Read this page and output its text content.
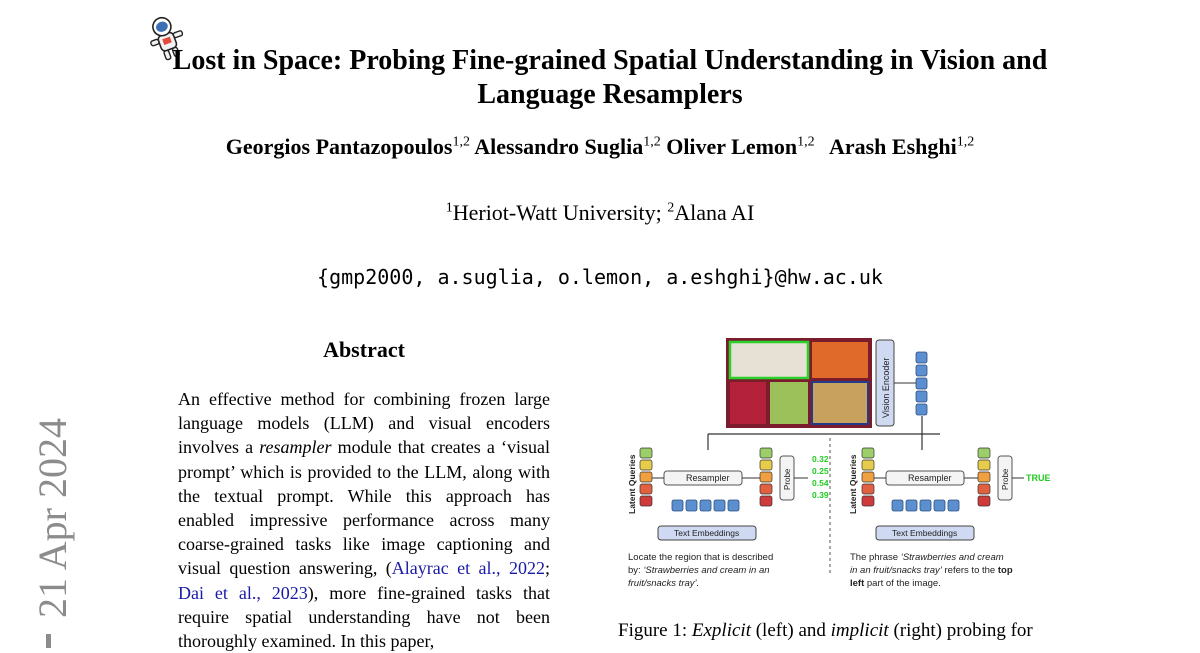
21 Apr 2024
Lost in Space: Probing Fine-grained Spatial Understanding in Vision and
Language Resamplers
Georgios Pantazopoulos$^{1,2}$ Alessandro Suglia$^{1,2}$ Oliver Lemon$^{1,2}$ Arash Eshghi$^{1,2}$
$^1$Heriot-Watt University; $^2$Alana AI
{gmp2000, a.suglia, o.lemon, a.eshghi}@hw.ac.uk
Abstract
An effective method for combining frozen large language models (LLM) and visual encoders involves a resampler module that creates a ‘visual prompt’ which is provided to the LLM, along with the textual prompt. While this approach has enabled impressive performance across many coarse-grained tasks like image captioning and visual question answering, (Alayrac et al., 2022; Dai et al., 2023), more fine-grained tasks that require spatial understanding have not been thoroughly examined. In this paper,
Vision Encoder
Latent Queries	Resampler	Probe
0.32
0.25
0.54
0.39
Text Embeddings
Locate the region that is described
by: ‘Strawberries and cream in an
fruit/snacks tray’.
Latent Queries	Resampler	Probe TRUE
Text Embeddings
The phrase ‘Strawberries and cream
in an fruit/snacks tray’ refers to the top
left part of the image.
Figure 1: Explicit (left) and implicit (right) probing for
